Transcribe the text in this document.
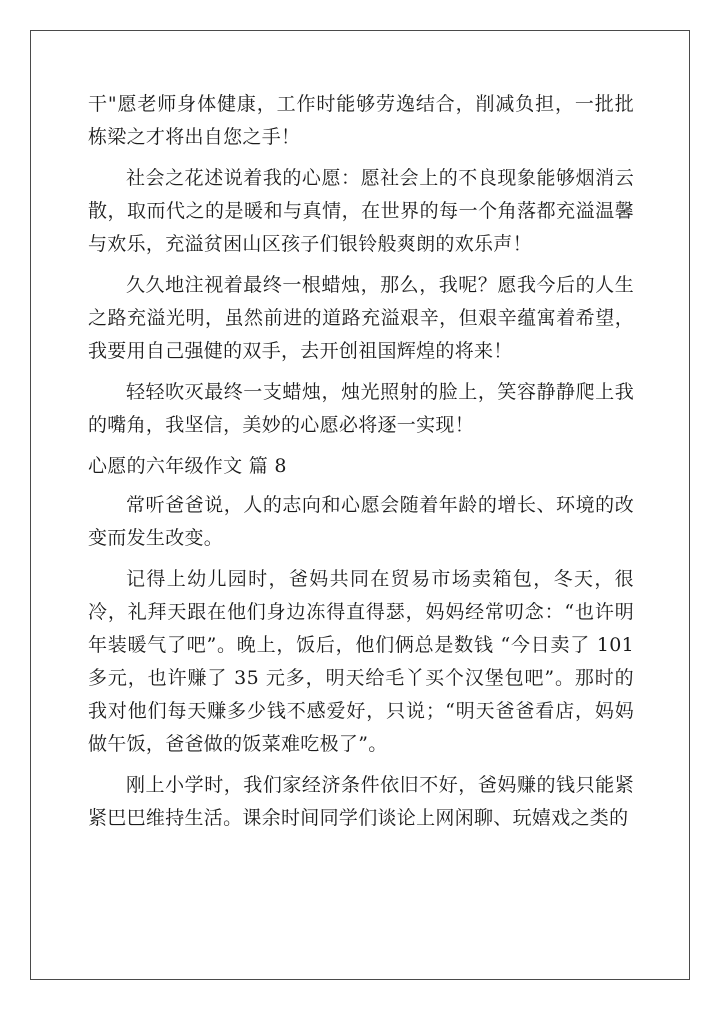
干"愿老师身体健康，工作时能够劳逸结合，削减负担，一批批栋梁之才将出自您之手！

社会之花述说着我的心愿：愿社会上的不良现象能够烟消云散，取而代之的是暖和与真情，在世界的每一个角落都充溢温馨与欢乐，充溢贫困山区孩子们银铃般爽朗的欢乐声！

久久地注视着最终一根蜡烛，那么，我呢？愿我今后的人生之路充溢光明，虽然前进的道路充溢艰辛，但艰辛蕴寓着希望，我要用自己强健的双手，去开创祖国辉煌的将来！

轻轻吹灭最终一支蜡烛，烛光照射的脸上，笑容静静爬上我的嘴角，我坚信，美妙的心愿必将逐一实现！

心愿的六年级作文 篇 8

常听爸爸说，人的志向和心愿会随着年龄的增长、环境的改变而发生改变。

记得上幼儿园时，爸妈共同在贸易市场卖箱包，冬天，很冷，礼拜天跟在他们身边冻得直得瑟，妈妈经常叨念：“也许明年装暖气了吧”。晚上，饭后，他们俩总是数钱 “今日卖了 101 多元，也许赚了 35 元多，明天给毛丫买个汉堡包吧”。那时的我对他们每天赚多少钱不感爱好，只说；“明天爸爸看店，妈妈做午饭，爸爸做的饭菜难吃极了”。

刚上小学时，我们家经济条件依旧不好，爸妈赚的钱只能紧紧巴巴维持生活。课余时间同学们谈论上网闲聊、玩嬉戏之类的
